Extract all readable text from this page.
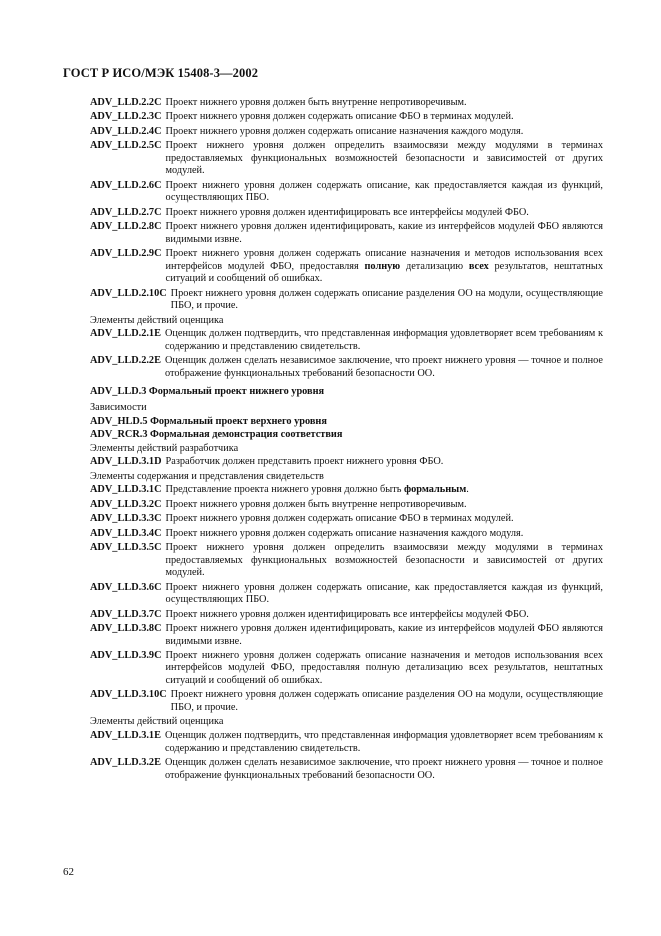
ГОСТ Р ИСО/МЭК 15408-3—2002
ADV_LLD.2.2C Проект нижнего уровня должен быть внутренне непротиворечивым.
ADV_LLD.2.3C Проект нижнего уровня должен содержать описание ФБО в терминах модулей.
ADV_LLD.2.4C Проект нижнего уровня должен содержать описание назначения каждого модуля.
ADV_LLD.2.5C Проект нижнего уровня должен определить взаимосвязи между модулями в терминах предоставляемых функциональных возможностей безопасности и зависимостей от других модулей.
ADV_LLD.2.6C Проект нижнего уровня должен содержать описание, как предоставляется каждая из функций, осуществляющих ПБО.
ADV_LLD.2.7C Проект нижнего уровня должен идентифицировать все интерфейсы модулей ФБО.
ADV_LLD.2.8C Проект нижнего уровня должен идентифицировать, какие из интерфейсов модулей ФБО являются видимыми извне.
ADV_LLD.2.9C Проект нижнего уровня должен содержать описание назначения и методов использования всех интерфейсов модулей ФБО, предоставляя полную детализацию всех результатов, нештатных ситуаций и сообщений об ошибках.
ADV_LLD.2.10C Проект нижнего уровня должен содержать описание разделения ОО на модули, осуществляющие ПБО, и прочие.
Элементы действий оценщика
ADV_LLD.2.1E Оценщик должен подтвердить, что представленная информация удовлетворяет всем требованиям к содержанию и представлению свидетельств.
ADV_LLD.2.2E Оценщик должен сделать независимое заключение, что проект нижнего уровня — точное и полное отображение функциональных требований безопасности ОО.
ADV_LLD.3 Формальный проект нижнего уровня
Зависимости
ADV_HLD.5 Формальный проект верхнего уровня
ADV_RCR.3 Формальная демонстрация соответствия
Элементы действий разработчика
ADV_LLD.3.1D Разработчик должен представить проект нижнего уровня ФБО.
Элементы содержания и представления свидетельств
ADV_LLD.3.1C Представление проекта нижнего уровня должно быть формальным.
ADV_LLD.3.2C Проект нижнего уровня должен быть внутренне непротиворечивым.
ADV_LLD.3.3C Проект нижнего уровня должен содержать описание ФБО в терминах модулей.
ADV_LLD.3.4C Проект нижнего уровня должен содержать описание назначения каждого модуля.
ADV_LLD.3.5C Проект нижнего уровня должен определить взаимосвязи между модулями в терминах предоставляемых функциональных возможностей безопасности и зависимостей от других модулей.
ADV_LLD.3.6C Проект нижнего уровня должен содержать описание, как предоставляется каждая из функций, осуществляющих ПБО.
ADV_LLD.3.7C Проект нижнего уровня должен идентифицировать все интерфейсы модулей ФБО.
ADV_LLD.3.8C Проект нижнего уровня должен идентифицировать, какие из интерфейсов модулей ФБО являются видимыми извне.
ADV_LLD.3.9C Проект нижнего уровня должен содержать описание назначения и методов использования всех интерфейсов модулей ФБО, предоставляя полную детализацию всех результатов, нештатных ситуаций и сообщений об ошибках.
ADV_LLD.3.10C Проект нижнего уровня должен содержать описание разделения ОО на модули, осуществляющие ПБО, и прочие.
Элементы действий оценщика
ADV_LLD.3.1E Оценщик должен подтвердить, что представленная информация удовлетворяет всем требованиям к содержанию и представлению свидетельств.
ADV_LLD.3.2E Оценщик должен сделать независимое заключение, что проект нижнего уровня — точное и полное отображение функциональных требований безопасности ОО.
62
